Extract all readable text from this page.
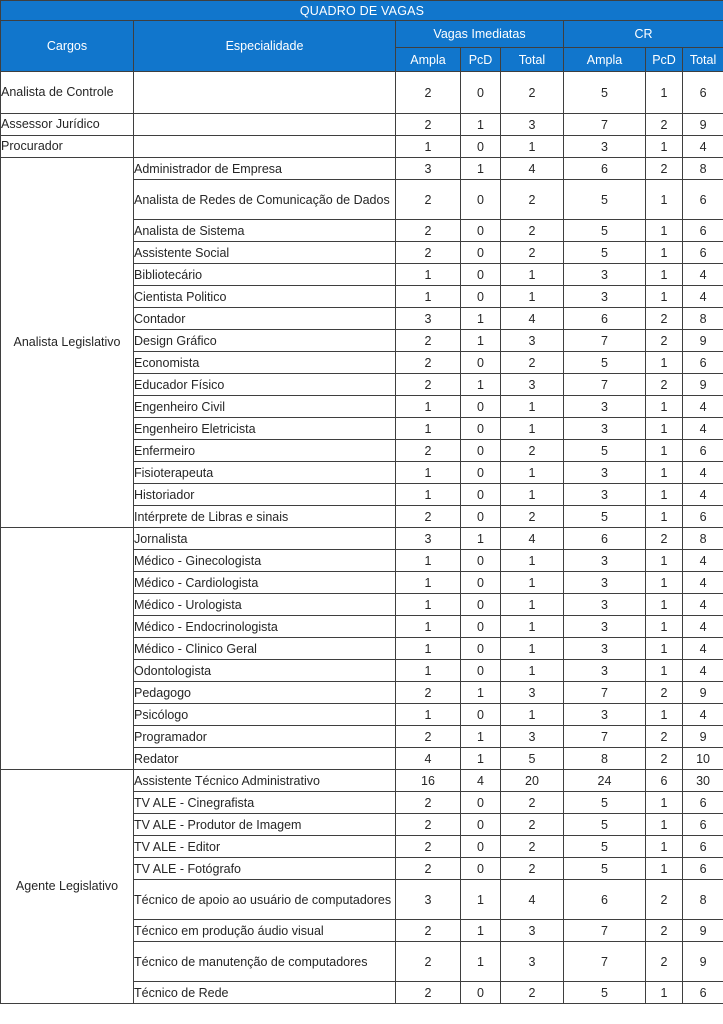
QUADRO DE VAGAS							
Cargos	Especialidade	Vagas Imediatas			CR		
		Ampla	PcD	Total	Ampla	PcD	Total
Analista de Controle		2	0	2	5	1	6
Assessor Jurídico		2	1	3	7	2	9
Procurador		1	0	1	3	1	4
Analista Legislativo	Administrador de Empresa	3	1	4	6	2	8
	Analista de Redes de Comunicação de Dados	2	0	2	5	1	6
	Analista de Sistema	2	0	2	5	1	6
	Assistente Social	2	0	2	5	1	6
	Bibliotecário	1	0	1	3	1	4
	Cientista Politico	1	0	1	3	1	4
	Contador	3	1	4	6	2	8
	Design Gráfico	2	1	3	7	2	9
	Economista	2	0	2	5	1	6
	Educador Físico	2	1	3	7	2	9
	Engenheiro Civil	1	0	1	3	1	4
	Engenheiro Eletricista	1	0	1	3	1	4
	Enfermeiro	2	0	2	5	1	6
	Fisioterapeuta	1	0	1	3	1	4
	Historiador	1	0	1	3	1	4
	Intérprete de Libras e sinais	2	0	2	5	1	6
	Jornalista	3	1	4	6	2	8
	Médico - Ginecologista	1	0	1	3	1	4
	Médico - Cardiologista	1	0	1	3	1	4
	Médico - Urologista	1	0	1	3	1	4
	Médico - Endocrinologista	1	0	1	3	1	4
	Médico - Clinico Geral	1	0	1	3	1	4
	Odontologista	1	0	1	3	1	4
	Pedagogo	2	1	3	7	2	9
	Psicólogo	1	0	1	3	1	4
	Programador	2	1	3	7	2	9
	Redator	4	1	5	8	2	10
Agente Legislativo	Assistente Técnico Administrativo	16	4	20	24	6	30
	TV ALE - Cinegrafista	2	0	2	5	1	6
	TV ALE - Produtor de Imagem	2	0	2	5	1	6
	TV ALE - Editor	2	0	2	5	1	6
	TV ALE - Fotógrafo	2	0	2	5	1	6
	Técnico de apoio ao usuário de computadores	3	1	4	6	2	8
	Técnico em produção áudio visual	2	1	3	7	2	9
	Técnico de manutenção de computadores	2	1	3	7	2	9
	Técnico de Rede	2	0	2	5	1	6
